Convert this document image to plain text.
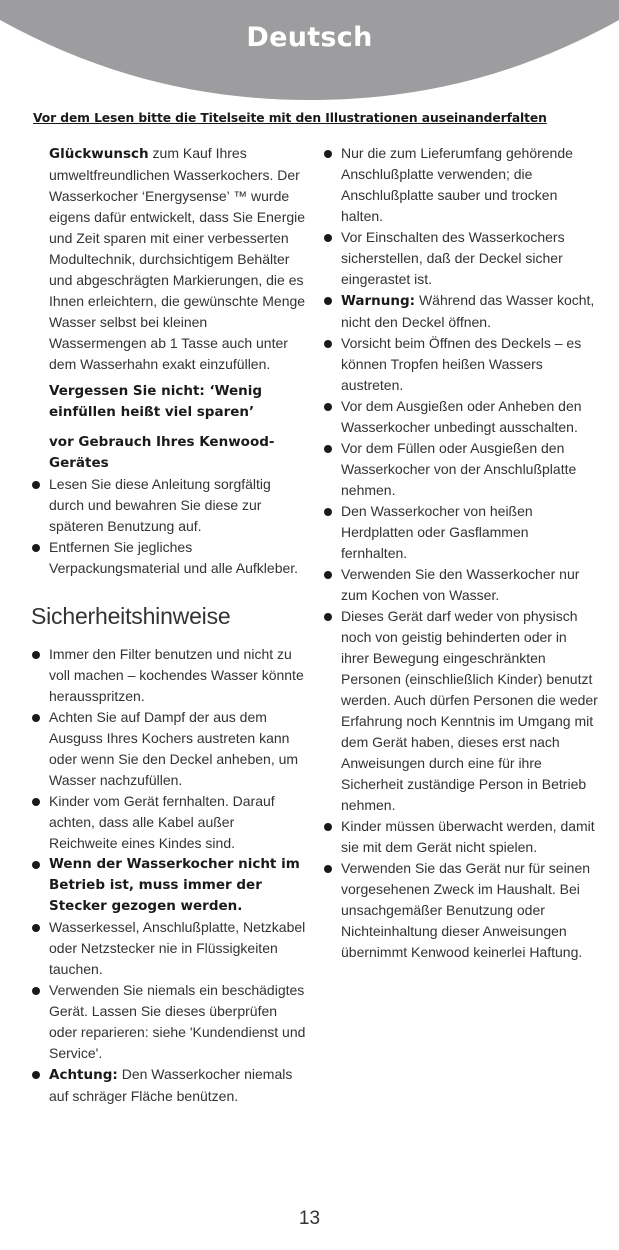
Deutsch
Vor dem Lesen bitte die Titelseite mit den Illustrationen auseinanderfalten
Glückwunsch zum Kauf Ihres umweltfreundlichen Wasserkochers. Der Wasserkocher ‘Energysense’ ™ wurde eigens dafür entwickelt, dass Sie Energie und Zeit sparen mit einer verbesserten Modultechnik, durchsichtigem Behälter und abgeschrägten Markierungen, die es Ihnen erleichtern, die gewünschte Menge Wasser selbst bei kleinen Wassermengen ab 1 Tasse auch unter dem Wasserhahn exakt einzufüllen.
Vergessen Sie nicht: ‘Wenig einfüllen heißt viel sparen’
vor Gebrauch Ihres Kenwood-Gerätes
Lesen Sie diese Anleitung sorgfältig durch und bewahren Sie diese zur späteren Benutzung auf.
Entfernen Sie jegliches Verpackungsmaterial und alle Aufkleber.
Sicherheitshinweise
Immer den Filter benutzen und nicht zu voll machen – kochendes Wasser könnte herausspritzen.
Achten Sie auf Dampf der aus dem Ausguss Ihres Kochers austreten kann oder wenn Sie den Deckel anheben, um Wasser nachzufüllen.
Kinder vom Gerät fernhalten. Darauf achten, dass alle Kabel außer Reichweite eines Kindes sind.
Wenn der Wasserkocher nicht im Betrieb ist, muss immer der Stecker gezogen werden.
Wasserkessel, Anschlußplatte, Netzkabel oder Netzstecker nie in Flüssigkeiten tauchen.
Verwenden Sie niemals ein beschädigtes Gerät. Lassen Sie dieses überprüfen oder reparieren: siehe 'Kundendienst und Service'.
Achtung: Den Wasserkocher niemals auf schräger Fläche benützen.
Nur die zum Lieferumfang gehörende Anschlußplatte verwenden; die Anschlußplatte sauber und trocken halten.
Vor Einschalten des Wasserkochers sicherstellen, daß der Deckel sicher eingerastet ist.
Warnung: Während das Wasser kocht, nicht den Deckel öffnen.
Vorsicht beim Öffnen des Deckels – es können Tropfen heißen Wassers austreten.
Vor dem Ausgießen oder Anheben den Wasserkocher unbedingt ausschalten.
Vor dem Füllen oder Ausgießen den Wasserkocher von der Anschlußplatte nehmen.
Den Wasserkocher von heißen Herdplatten oder Gasflammen fernhalten.
Verwenden Sie den Wasserkocher nur zum Kochen von Wasser.
Dieses Gerät darf weder von physisch noch von geistig behinderten oder in ihrer Bewegung eingeschränkten Personen (einschließlich Kinder) benutzt werden. Auch dürfen Personen die weder Erfahrung noch Kenntnis im Umgang mit dem Gerät haben, dieses erst nach Anweisungen durch eine für ihre Sicherheit zuständige Person in Betrieb nehmen.
Kinder müssen überwacht werden, damit sie mit dem Gerät nicht spielen.
Verwenden Sie das Gerät nur für seinen vorgesehenen Zweck im Haushalt. Bei unsachgemäßer Benutzung oder Nichteinhaltung dieser Anweisungen übernimmt Kenwood keinerlei Haftung.
13
